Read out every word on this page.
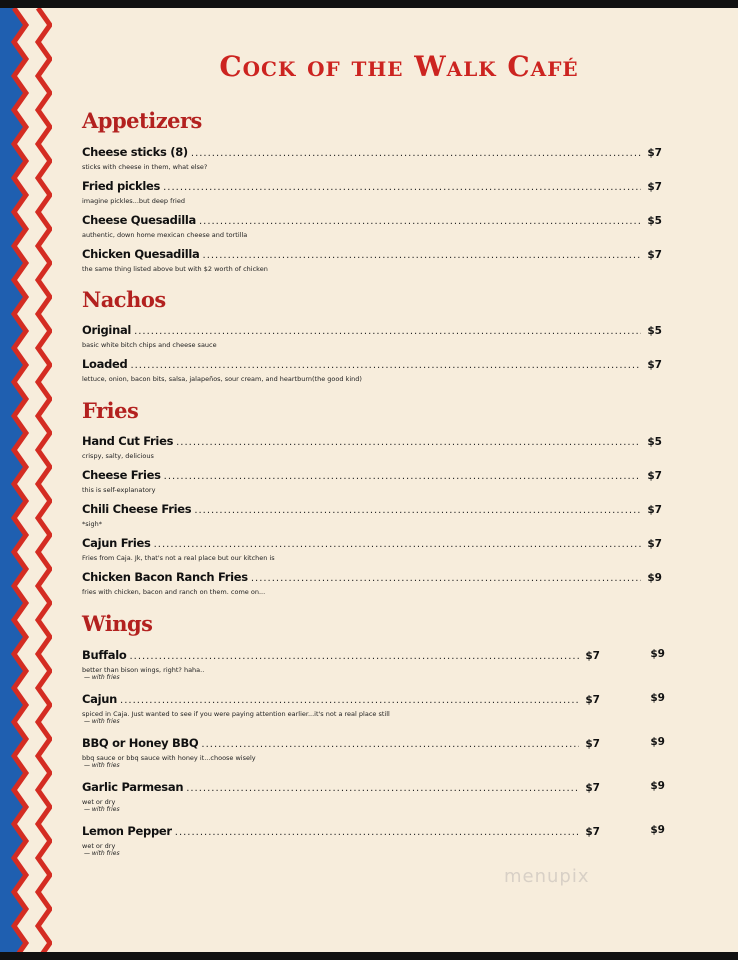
Cock of the Walk Café
Appetizers
Cheese sticks (8) .....	$7
sticks with cheese in them, what else?
Fried pickles .....	$7
imagine pickles...but deep fried
Cheese Quesadilla .....	$5
authentic, down home mexican cheese and tortilla
Chicken Quesadilla .....	$7
the same thing listed above but with $2 worth of chicken
Nachos
Original .....	$5
basic white bitch chips and cheese sauce
Loaded .....	$7
lettuce, onion, bacon bits, salsa, jalapeños, sour cream, and heartburn(the good kind)
Fries
Hand Cut Fries .....	$5
crispy, salty, delicious
Cheese Fries .....	$7
this is self-explanatory
Chili Cheese Fries .....	$7
*sigh*
Cajun Fries .....	$7
Fries from Caja. Jk, that's not a real place but our kitchen is
Chicken Bacon Ranch Fries .....	$9
fries with chicken, bacon and ranch on them. come on...
Wings
Buffalo .....	$7	$9
better than bison wings, right? haha..
— with fries
Cajun .....	$7	$9
spiced in Caja. Just wanted to see if you were paying attention earlier...it's not a real place still
— with fries
BBQ or Honey BBQ .....	$7	$9
bbq sauce or bbq sauce with honey it...choose wisely
— with fries
Garlic Parmesan .....	$7	$9
wet or dry
— with fries
Lemon Pepper .....	$7	$9
wet or dry
— with fries
menupix
